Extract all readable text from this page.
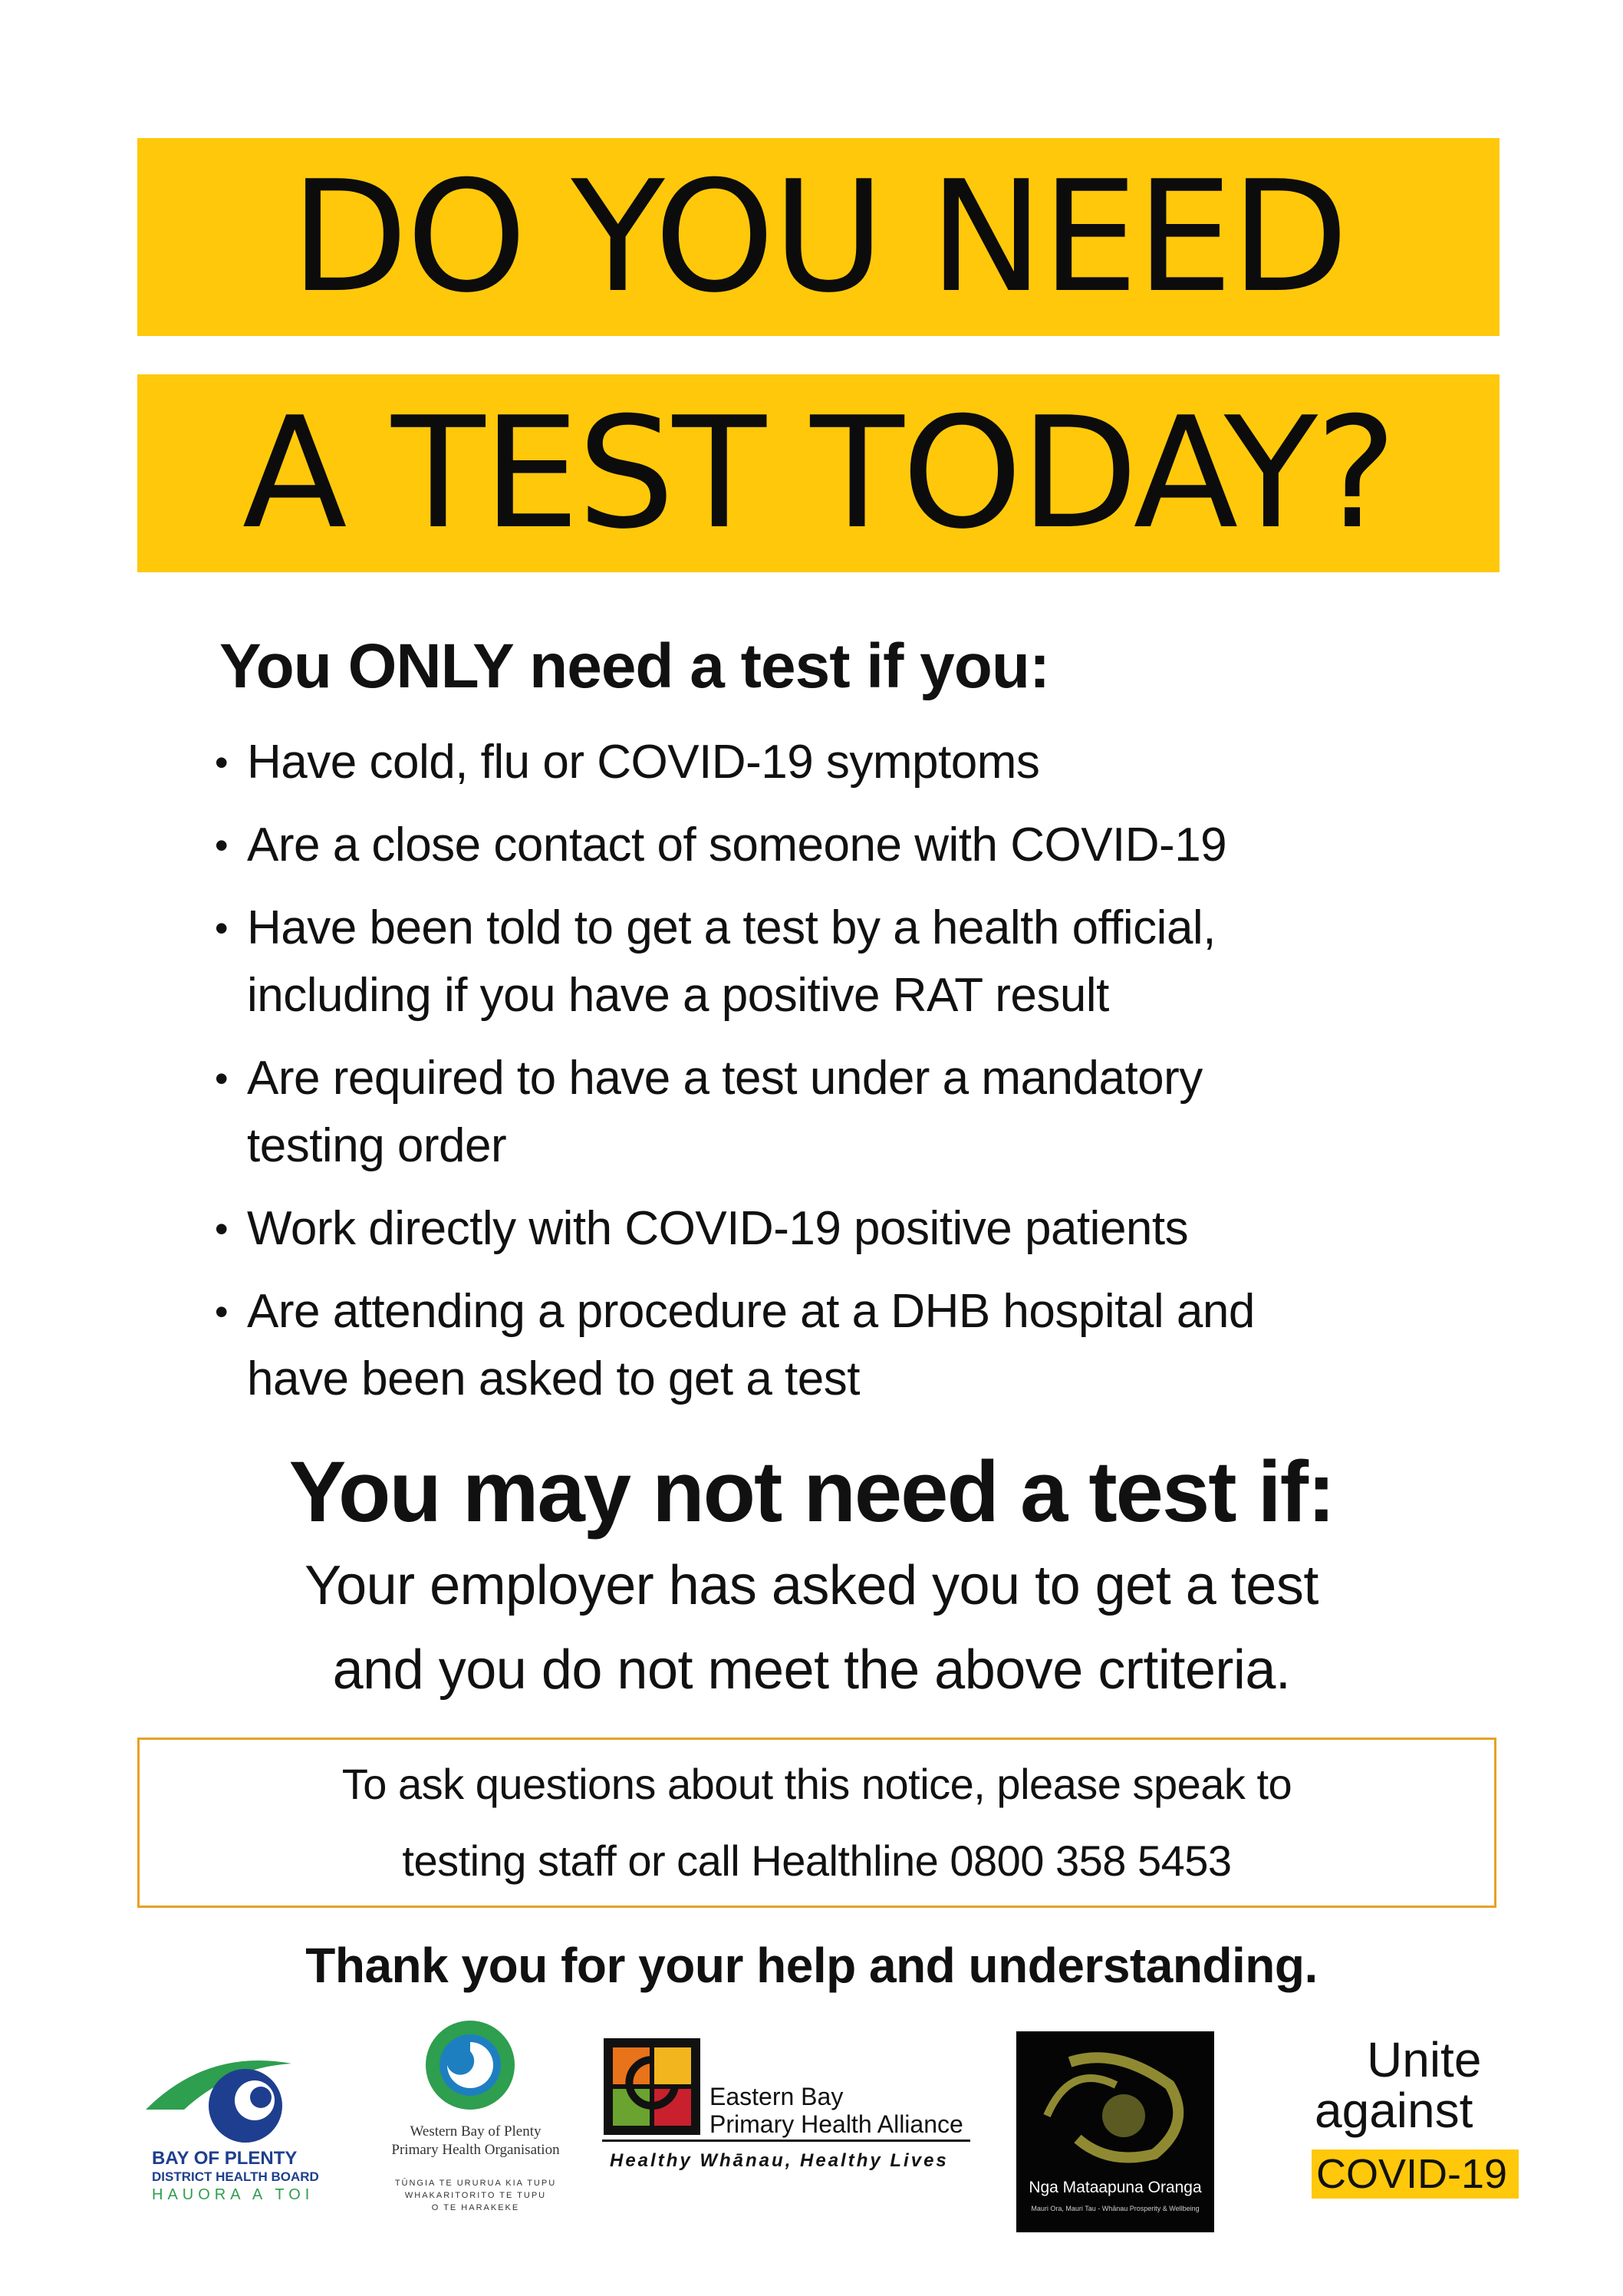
DO YOU NEED
A TEST TODAY?
You ONLY need a test if you:
• Have cold, flu or COVID-19 symptoms
• Are a close contact of someone with COVID-19
• Have been told to get a test by a health official,
including if you have a positive RAT result
• Are required to have a test under a mandatory
testing order
• Work directly with COVID-19 positive patients
• Are attending a procedure at a DHB hospital and
have been asked to get a test
You may not need a test if:
Your employer has asked you to get a test
and you do not meet the above crtiteria.
To ask questions about this notice, please speak to
testing staff or call Healthline 0800 358 5453
Thank you for your help and understanding.
BAY OF PLENTY
DISTRICT HEALTH BOARD
HAUORA A TOI
Western Bay of Plenty
Primary Health Organisation
TŪNGIA TE URURUA KIA TUPU
WHAKARITORITO TE TUPU
O TE HARAKEKE
Eastern Bay
Primary Health Alliance
Healthy Whānau, Healthy Lives
Nga Mataapuna Oranga
Mauri Ora, Mauri Tau - Whānau Prosperity & Wellbeing
Unite
against
COVID-19
